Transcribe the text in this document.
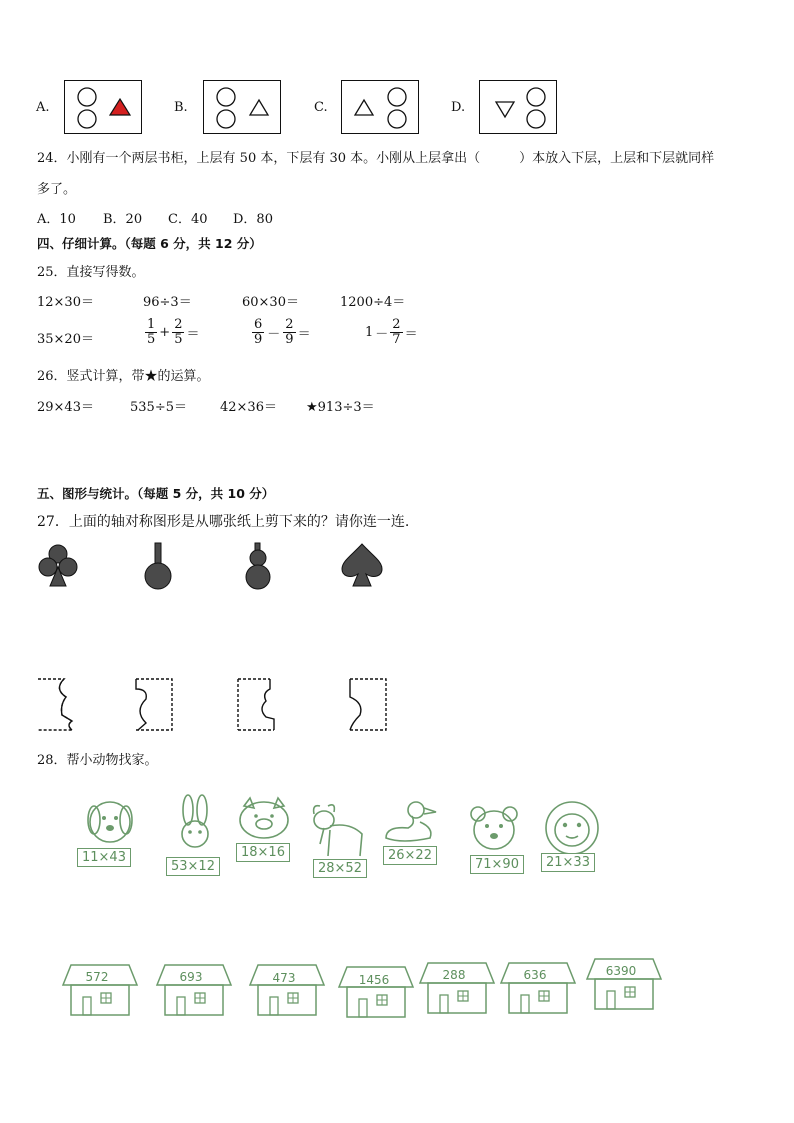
A.	B.	C.	D.
24．小刚有一个两层书柜，上层有 50 本，下层有 30 本。小刚从上层拿出（　　　）本放入下层，上层和下层就同样
多了。
A．10 B．20 C．40 D．80
四、仔细计算。（每题 6 分，共 12 分）
25．直接写得数。
12×30＝	96÷3＝	60×30＝	1200÷4＝
35×20＝	$\frac{1}{5} + \frac{2}{5}$ ＝	$\frac{6}{9} - \frac{2}{9}$ ＝	$1 - \frac{2}{7}$ ＝
26．竖式计算，带★的运算。
29×43＝	535÷5＝	42×36＝ ★913÷3＝
五、图形与统计。（每题 5 分，共 10 分）
27．上面的轴对称图形是从哪张纸上剪下来的？请你连一连.
28．帮小动物找家。
11×43
53×12
18×16
28×52
26×22
71×90	21×33
572	693	473	1456	288	636	6390
